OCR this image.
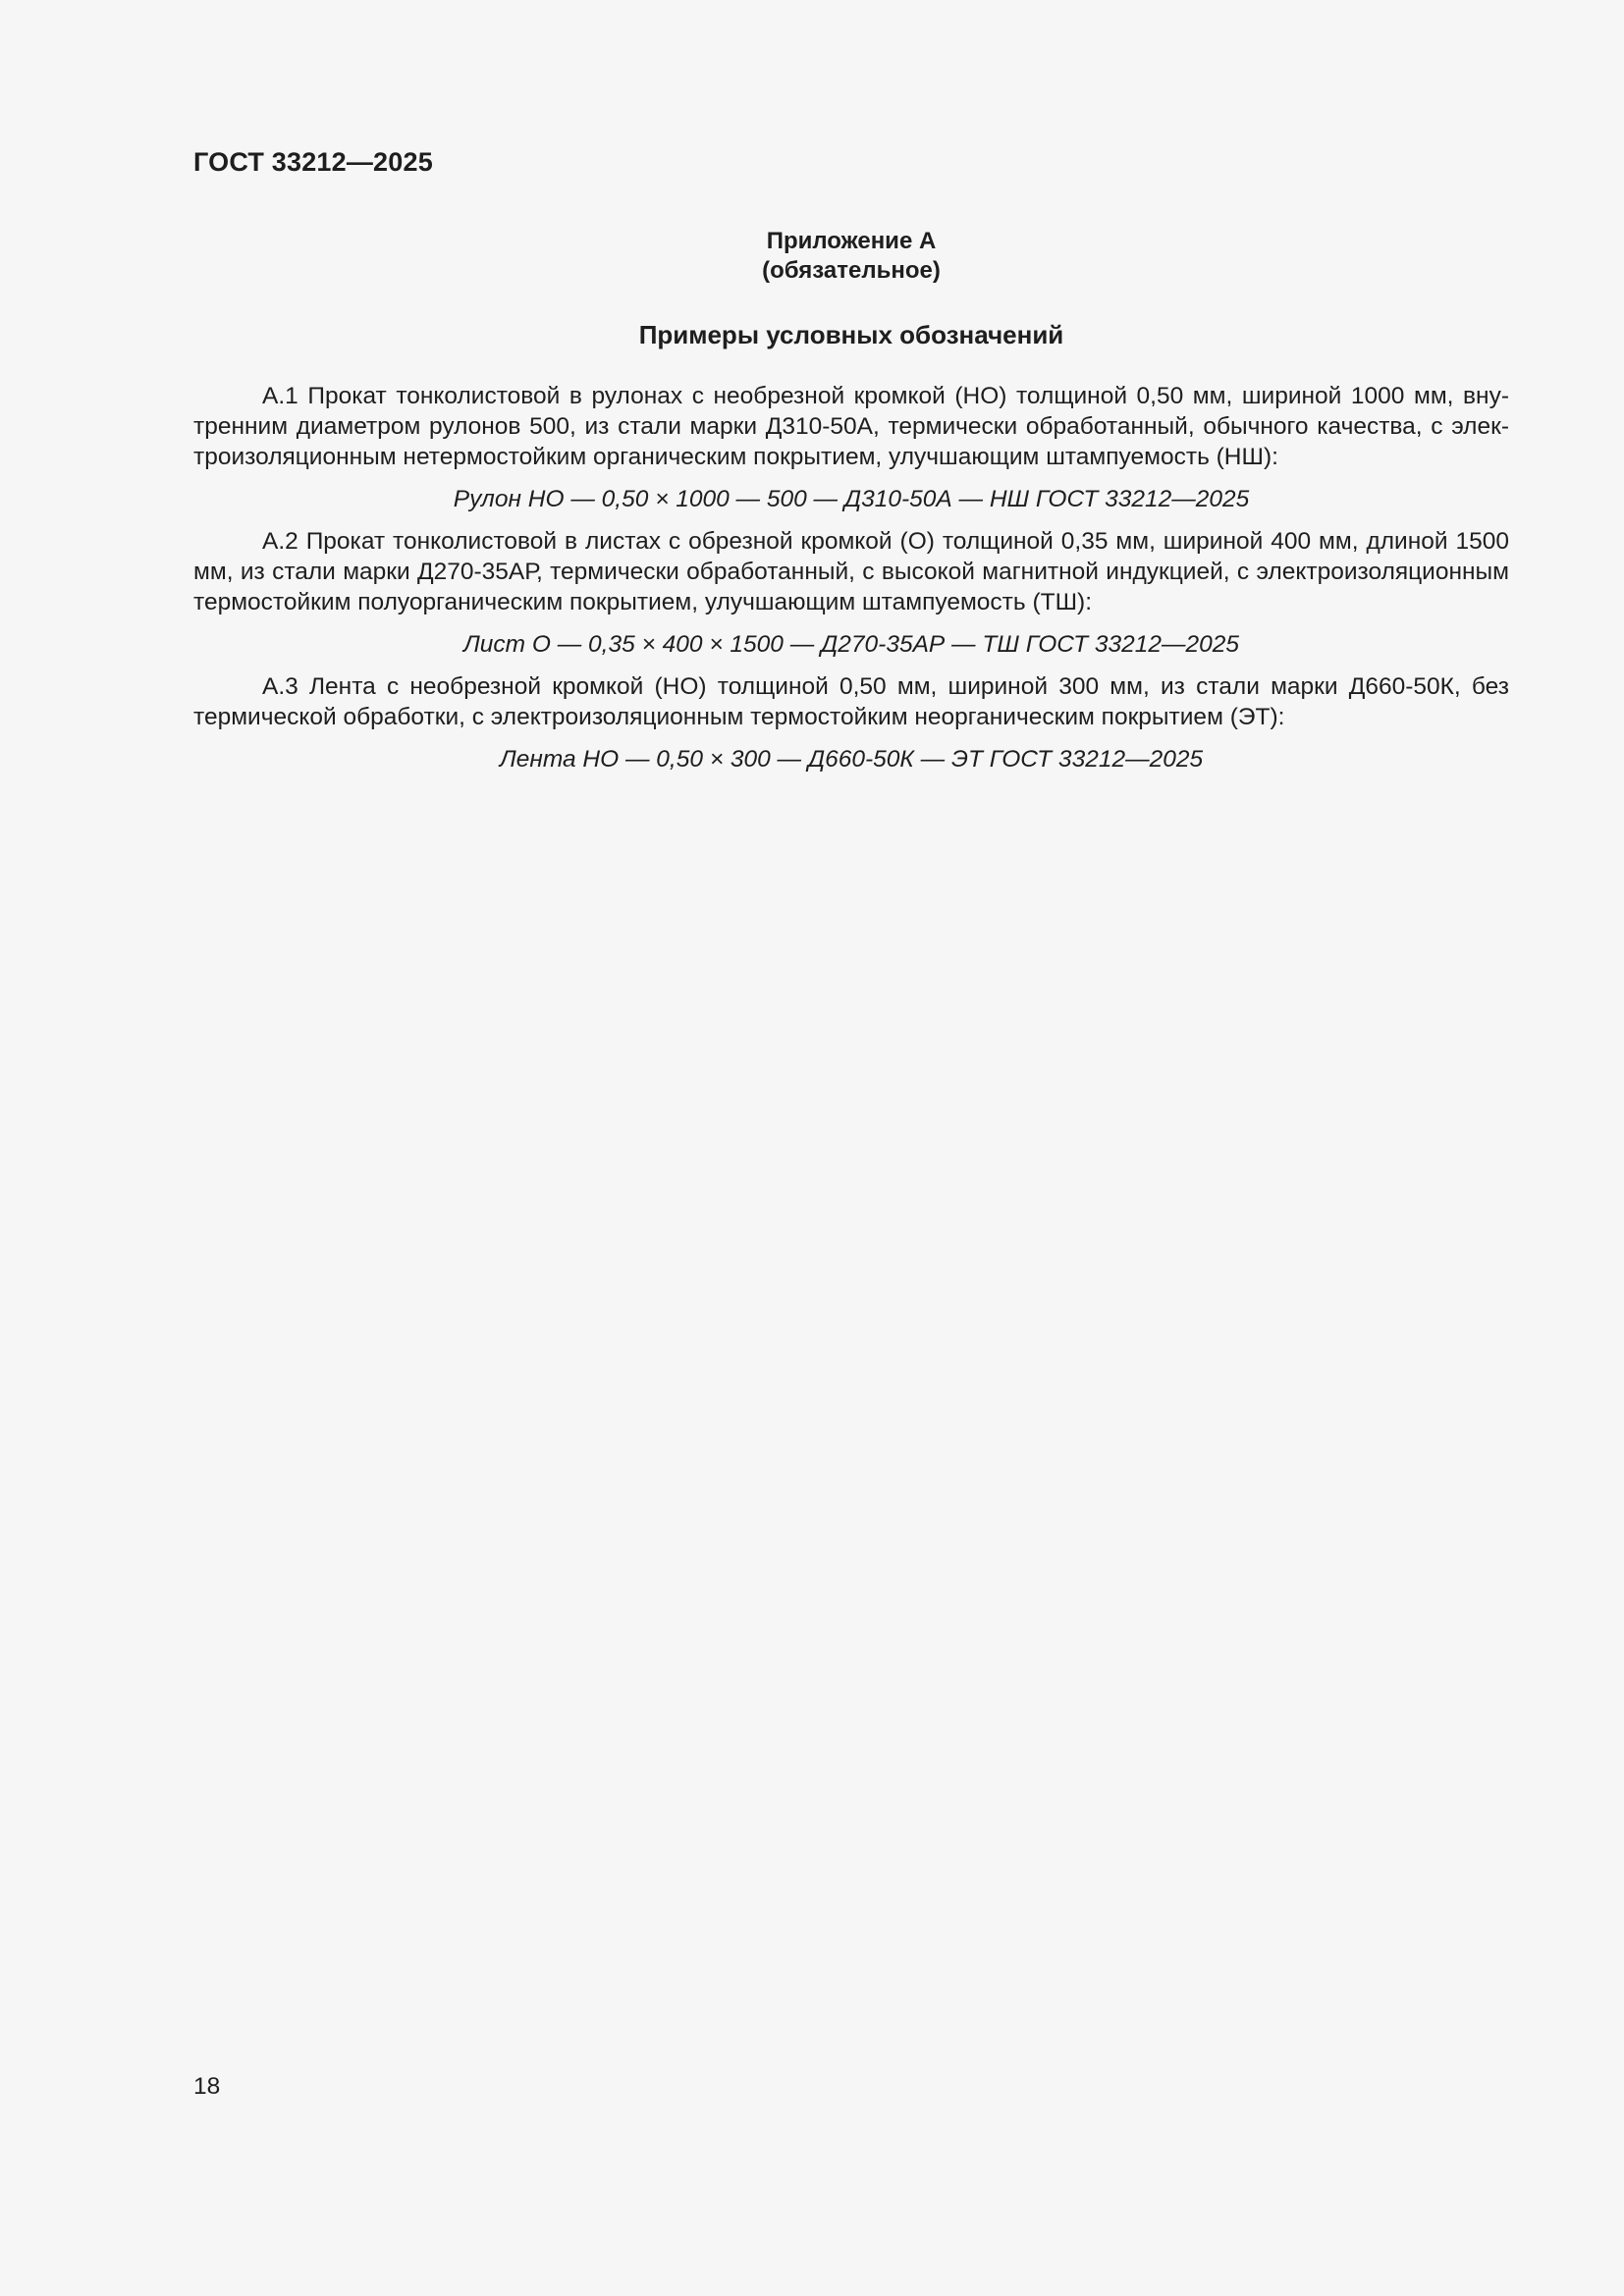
ГОСТ 33212—2025
Приложение А
(обязательное)
Примеры условных обозначений

А.1 Прокат тонколистовой в рулонах с необрезной кромкой (НО) толщиной 0,50 мм, шириной 1000 мм, внутренним диаметром рулонов 500, из стали марки Д310-50А, термически обработанный, обычного качества, с электроизоляционным нетермостойким органическим покрытием, улучшающим штампуемость (НШ):

Рулон НО — 0,50 × 1000 — 500 — Д310-50А — НШ ГОСТ 33212—2025

А.2 Прокат тонколистовой в листах с обрезной кромкой (О) толщиной 0,35 мм, шириной 400 мм, длиной 1500 мм, из стали марки Д270-35АР, термически обработанный, с высокой магнитной индукцией, с электроизоляционным термостойким полуорганическим покрытием, улучшающим штампуемость (ТШ):

Лист О — 0,35 × 400 × 1500 — Д270-35АР — ТШ ГОСТ 33212—2025

А.3 Лента с необрезной кромкой (НО) толщиной 0,50 мм, шириной 300 мм, из стали марки Д660-50К, без термической обработки, с электроизоляционным термостойким неорганическим покрытием (ЭТ):

Лента НО — 0,50 × 300 — Д660-50К — ЭТ ГОСТ 33212—2025
18
